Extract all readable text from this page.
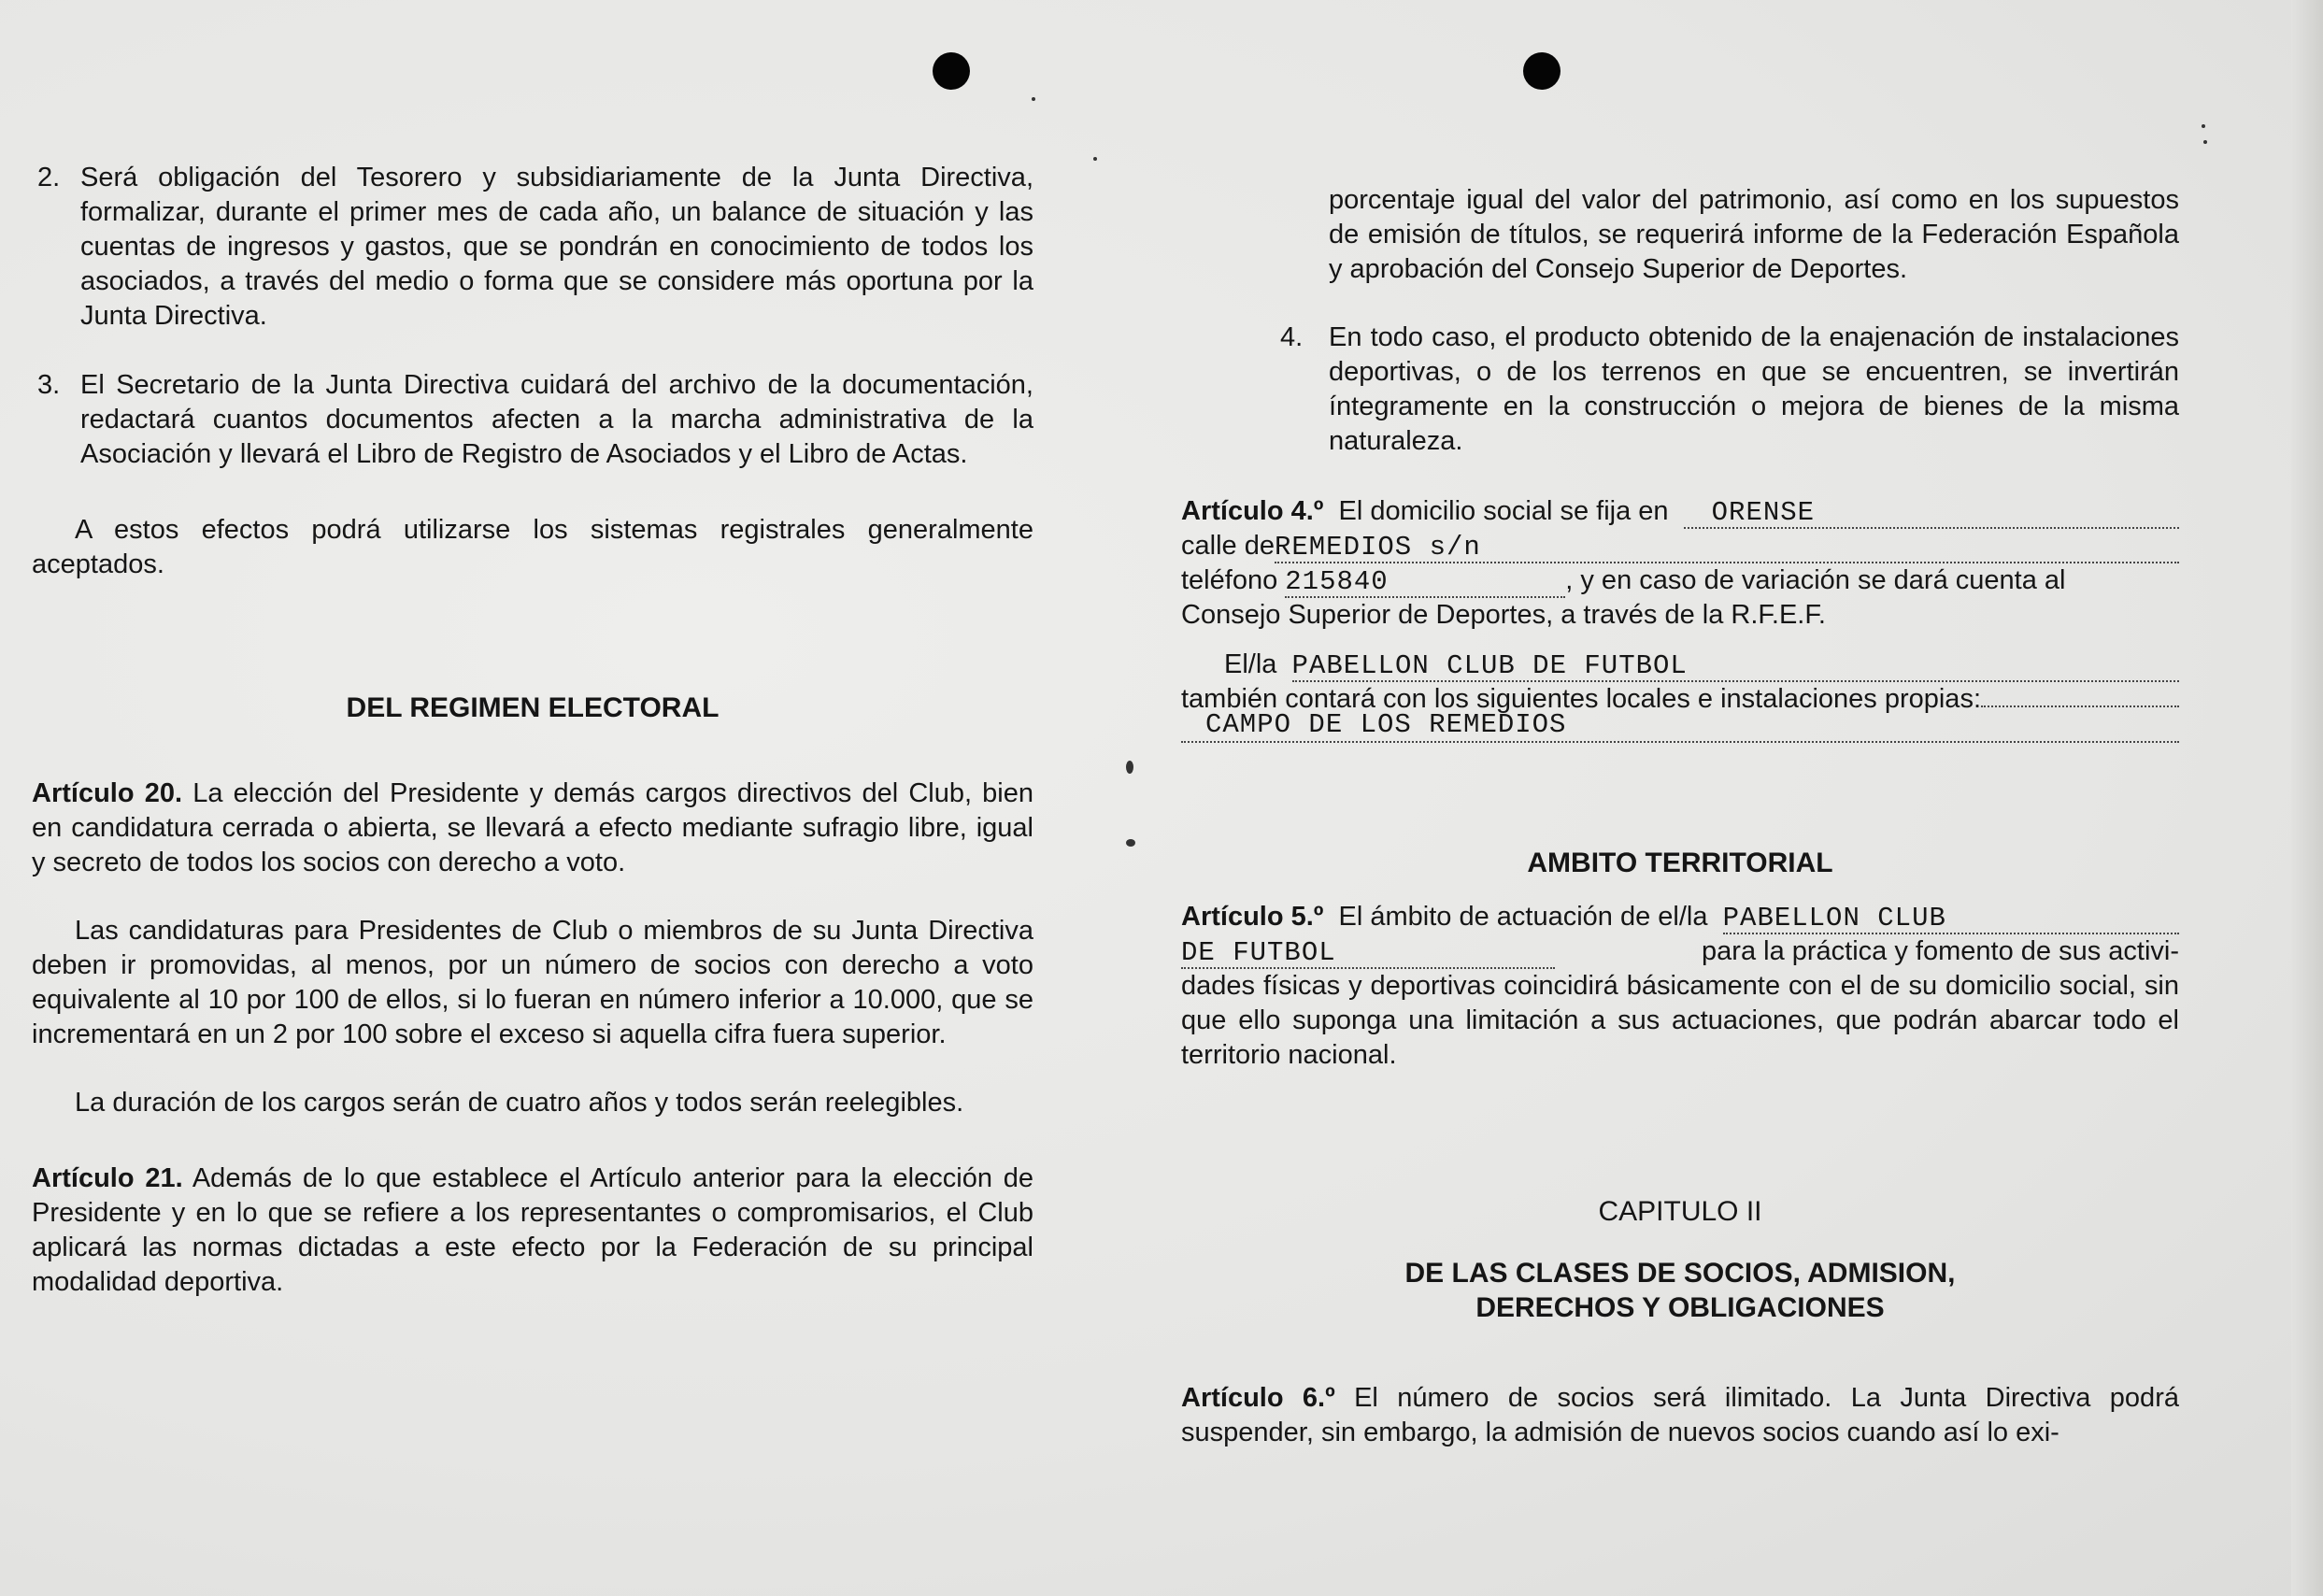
2. Será obligación del Tesorero y subsidiariamente de la Junta Directiva, formalizar, durante el primer mes de cada año, un balance de situación y las cuentas de ingresos y gastos, que se pondrán en conocimiento de todos los asociados, a través del medio o forma que se considere más oportuna por la Junta Directiva.
3. El Secretario de la Junta Directiva cuidará del archivo de la documentación, redactará cuantos documentos afecten a la marcha administrativa de la Asociación y llevará el Libro de Registro de Asociados y el Libro de Actas.

A estos efectos podrá utilizarse los sistemas registrales generalmente aceptados.

DEL REGIMEN ELECTORAL

Artículo 20. La elección del Presidente y demás cargos directivos del Club, bien en candidatura cerrada o abierta, se llevará a efecto mediante sufragio libre, igual y secreto de todos los socios con derecho a voto.

Las candidaturas para Presidentes de Club o miembros de su Junta Directiva deben ir promovidas, al menos, por un número de socios con derecho a voto equivalente al 10 por 100 de ellos, si lo fueran en número inferior a 10.000, que se incrementará en un 2 por 100 sobre el exceso si aquella cifra fuera superior.

La duración de los cargos serán de cuatro años y todos serán reelegibles.

Artículo 21. Además de lo que establece el Artículo anterior para la elección de Presidente y en lo que se refiere a los representantes o compromisarios, el Club aplicará las normas dictadas a este efecto por la Federación de su principal modalidad deportiva.

porcentaje igual del valor del patrimonio, así como en los supuestos de emisión de títulos, se requerirá informe de la Federación Española y aprobación del Consejo Superior de Deportes.

4. En todo caso, el producto obtenido de la enajenación de instalaciones deportivas, o de los terrenos en que se encuentren, se invertirán íntegramente en la construcción o mejora de bienes de la misma naturaleza.
Artículo 4.º
El domicilio social se fija en
	ORENSE
calle de REMEDIOS s/n
teléfono
215840	, y en caso de variación se dará cuenta al

Consejo Superior de Deportes, a través de la R.F.E.F.

El/la
PABELLON CLUB DE FUTBOL
también contará con los siguientes locales e instalaciones propias:
CAMPO DE LOS REMEDIOS

AMBITO TERRITORIAL

Artículo 5.º
El ámbito de actuación de el/la
PABELLON CLUB
DE FUTBOL	para la práctica y fomento de sus activi-

dades físicas y deportivas coincidirá básicamente con el de su domicilio social, sin que ello suponga una limitación a sus actuaciones, que podrán abarcar todo el territorio nacional.

CAPITULO II

DE LAS CLASES DE SOCIOS, ADMISION,

DERECHOS Y OBLIGACIONES

Artículo 6.º El número de socios será ilimitado. La Junta Directiva podrá suspender, sin embargo, la admisión de nuevos socios cuando así lo exi-
